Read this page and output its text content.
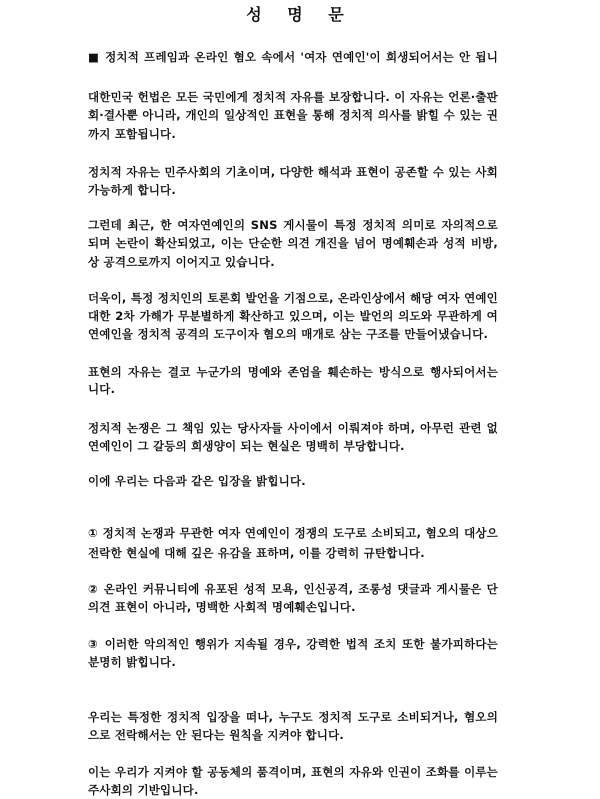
성 명 문
■ 정치적 프레임과 온라인 혐오 속에서 '여자 연예인'이 희생되어서는 안 됩니
대한민국 헌법은 모든 국민에게 정치적 자유를 보장합니다. 이 자유는 언론·출판
회·결사뿐 아니라, 개인의 일상적인 표현을 통해 정치적 의사를 밝힐 수 있는 권
까지 포함됩니다.
정치적 자유는 민주사회의 기초이며, 다양한 해석과 표현이 공존할 수 있는 사회
가능하게 합니다.
그런데 최근, 한 여자연예인의 SNS 게시물이 특정 정치적 의미로 자의적으로
되며 논란이 확산되었고, 이는 단순한 의견 개진을 넘어 명예훼손과 성적 비방,
상 공격으로까지 이어지고 있습니다.
더욱이, 특정 정치인의 토론회 발언을 기점으로, 온라인상에서 해당 여자 연예인
대한 2차 가해가 무분별하게 확산하고 있으며, 이는 발언의 의도와 무관하게 여
연예인을 정치적 공격의 도구이자 혐오의 매개로 삼는 구조를 만들어냈습니다.
표현의 자유는 결코 누군가의 명예와 존엄을 훼손하는 방식으로 행사되어서는
니다.
정치적 논쟁은 그 책임 있는 당사자들 사이에서 이뤄져야 하며, 아무런 관련 없
연예인이 그 갈등의 희생양이 되는 현실은 명백히 부당합니다.
이에 우리는 다음과 같은 입장을 밝힙니다.
① 정치적 논쟁과 무관한 여자 연예인이 정쟁의 도구로 소비되고, 혐오의 대상으
전락한 현실에 대해 깊은 유감을 표하며, 이를 강력히 규탄합니다.
② 온라인 커뮤니티에 유포된 성적 모욕, 인신공격, 조롱성 댓글과 게시물은 단
의견 표현이 아니라, 명백한 사회적 명예훼손입니다.
③ 이러한 악의적인 행위가 지속될 경우, 강력한 법적 조치 또한 불가피하다는
분명히 밝힙니다.
우리는 특정한 정치적 입장을 떠나, 누구도 정치적 도구로 소비되거나, 혐오의
으로 전락해서는 안 된다는 원칙을 지켜야 합니다.
이는 우리가 지켜야 할 공동체의 품격이며, 표현의 자유와 인권이 조화를 이루는
주사회의 기반입니다.
